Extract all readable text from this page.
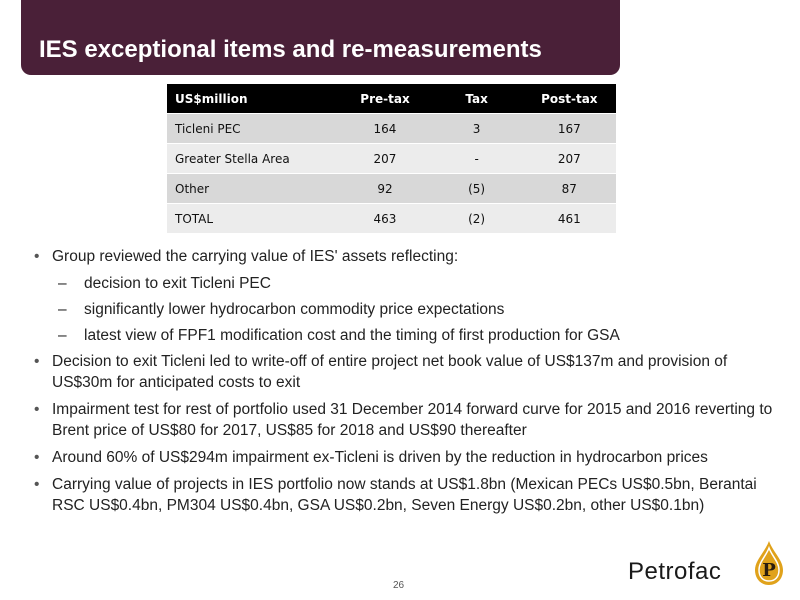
IES exceptional items and re-measurements
US$million	Pre-tax	Tax	Post-tax
Ticleni PEC	164	3	167
Greater Stella Area	207	-	207
Other	92	(5)	87
TOTAL	463	(2)	461
• Group reviewed the carrying value of IES' assets reflecting:
– decision to exit Ticleni PEC
– significantly lower hydrocarbon commodity price expectations
– latest view of FPF1 modification cost and the timing of first production for GSA
• Decision to exit Ticleni led to write-off of entire project net book value of US$137m and provision of US$30m for anticipated costs to exit
• Impairment test for rest of portfolio used 31 December 2014 forward curve for 2015 and 2016 reverting to Brent price of US$80 for 2017, US$85 for 2018 and US$90 thereafter
• Around 60% of US$294m impairment ex-Ticleni is driven by the reduction in hydrocarbon prices
• Carrying value of projects in IES portfolio now stands at US$1.8bn (Mexican PECs US$0.5bn, Berantai RSC US$0.4bn, PM304 US$0.4bn, GSA US$0.2bn, Seven Energy US$0.2bn, other US$0.1bn)
26
Petrofac P
